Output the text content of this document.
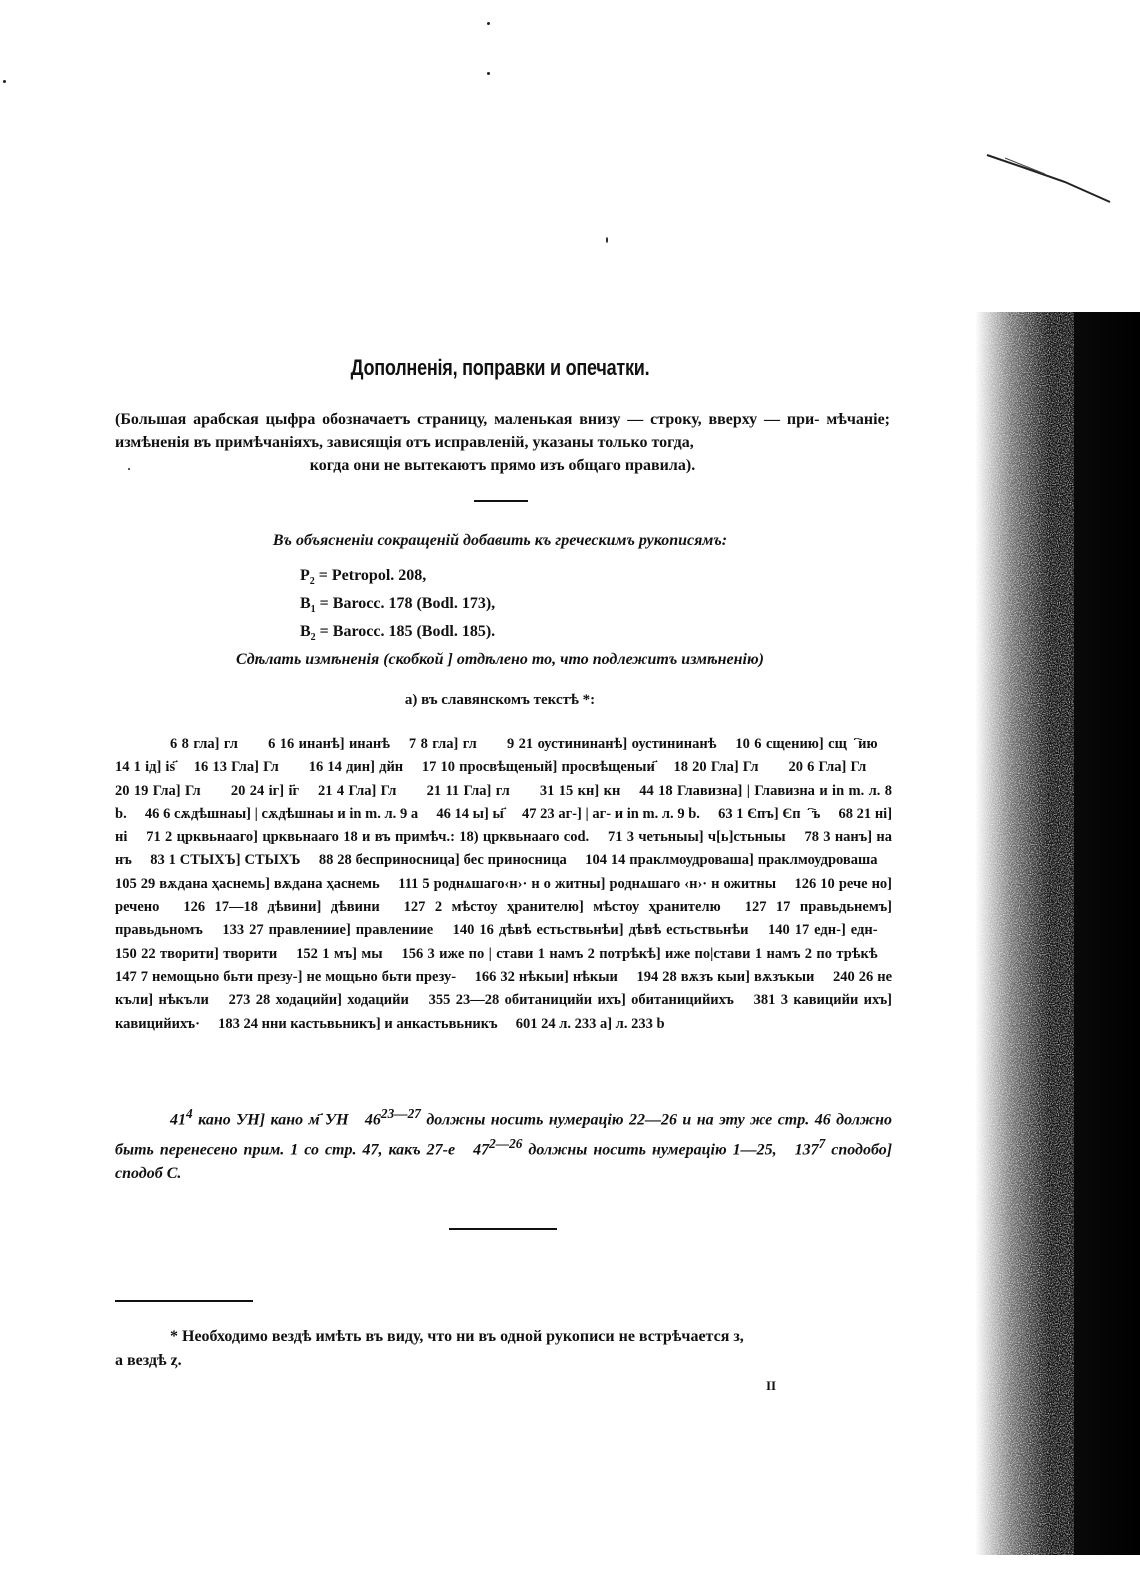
Дополненія, поправки и опечатки.
(Большая арабская цыфра обозначаетъ страницу, маленькая внизу — строку, вверху — при- мѣчаніе; измѣненія въ примѣчаніяхъ, зависящія отъ исправленій, указаны только тогда,
когда они не вытекаютъ прямо изъ общаго правила).
Въ объясненіи сокращеній добавить къ греческимъ рукописямъ:
$P_2$ = Petropol. 208,
$B_1$ = Barocc. 178 (Bodl. 173),
$B_2$ = Barocc. 185 (Bodl. 185).
Сдѣлать измѣненія (скобкой ] отдѣлено то, что подлежитъ измѣненію)
а) въ славянскомъ текстѣ *:
6 8 гла] глⷶ  6 16 инанѣ] инанѣ  7 8 гла] глⷶ  9 21 оустининанѣ] оустининанѣ  10 6 сщению] сщⷩ҇ию  14 1 ід] іѕ҃  16 13 Гла] Глⷶ  16 14 дин] дйн  17 10 просвѣщеный] просвѣщеныи҃  18 20 Гла] Глⷶ  20 6 Гла] Глⷶ  20 19 Гла] Глⷶ  20 24 іг] і҃г  21 4 Гла] Глⷶ  21 11 Гла] глⷶ  31 15 кн] кн  44 18 Главизна] | Главизна и in m. л. 8 b.  46 6 сѫдѣшнаы] | сѫдѣшнаы и in m. л. 9 a  46 14 ы] ы҃  47 23 аг-] | аг- и in m. л. 9 b.  63 1 Єпъ] Єпⷭ҇ъ  68 21 ні] ні  71 2 црквьнааго] црквьнааго 18 и въ примѣч.: 18) црквьнааго cod.  71 3 четьныы] ч[ь]стьныы  78 3 нанъ] на нъ  83 1 СТЫХЪ] СТЫХЪ  88 28 бесприносница] бес приносница  104 14 праклмоудроваша] праклмоудроваша  105 29 вѫдана ҳаснемь] вѫдана ҳаснемь  111 5 роднѧшаго‹н›· н о житны] роднѧшаго ‹н›· н ожитны  126 10 рече но] речено  126 17—18 дѣвини] дѣвини  127 2 мѣстоу ҳранителю] мѣстоу ҳранителю  127 17 правьдьнемъ] правьдьномъ  133 27 правлениие] правлениие  140 16 дѣвѣ естьствьнѣи] дѣвѣ естьствьнѣи  140 17 едн-] едн-  150 22 творити] творити  152 1 мъ] мы  156 3 иже по | стави 1 намъ 2 потрѣкѣ] иже по|стави 1 намъ 2 по трѣкѣ  147 7 немощьно бьти презу-] не мощьно бьти презу-  166 32 нѣкыи] нѣкыи  194 28 вѫзъ кыи] вѫзъкыи  240 26 не къли] нѣкъли  273 28 ходацийи] ходацийи  355 23—28 обитаницийи ихъ] обитаницийихъ  381 3 кавицийи ихъ] кавицийихъ·  183 24 нни кастьвьникъ] и анкастьвьникъ  601 24 л. 233 а] л. 233 b 
$41^4$ кано УН] кано м҃ УН $46^{23—27}$ должны носить нумерацію 22—26 и на эту же стр. 46 должно быть перенесено прим. 1 со стр. 47, какъ 27-е $47^{2—26}$ должны носить нумерацію 1—25, $137^7$ сподобо] сподоб С.
* Необходимо вездѣ имѣть въ виду, что ни въ одной рукописи не встрѣчается з,
а вездѣ ȥ.
II
